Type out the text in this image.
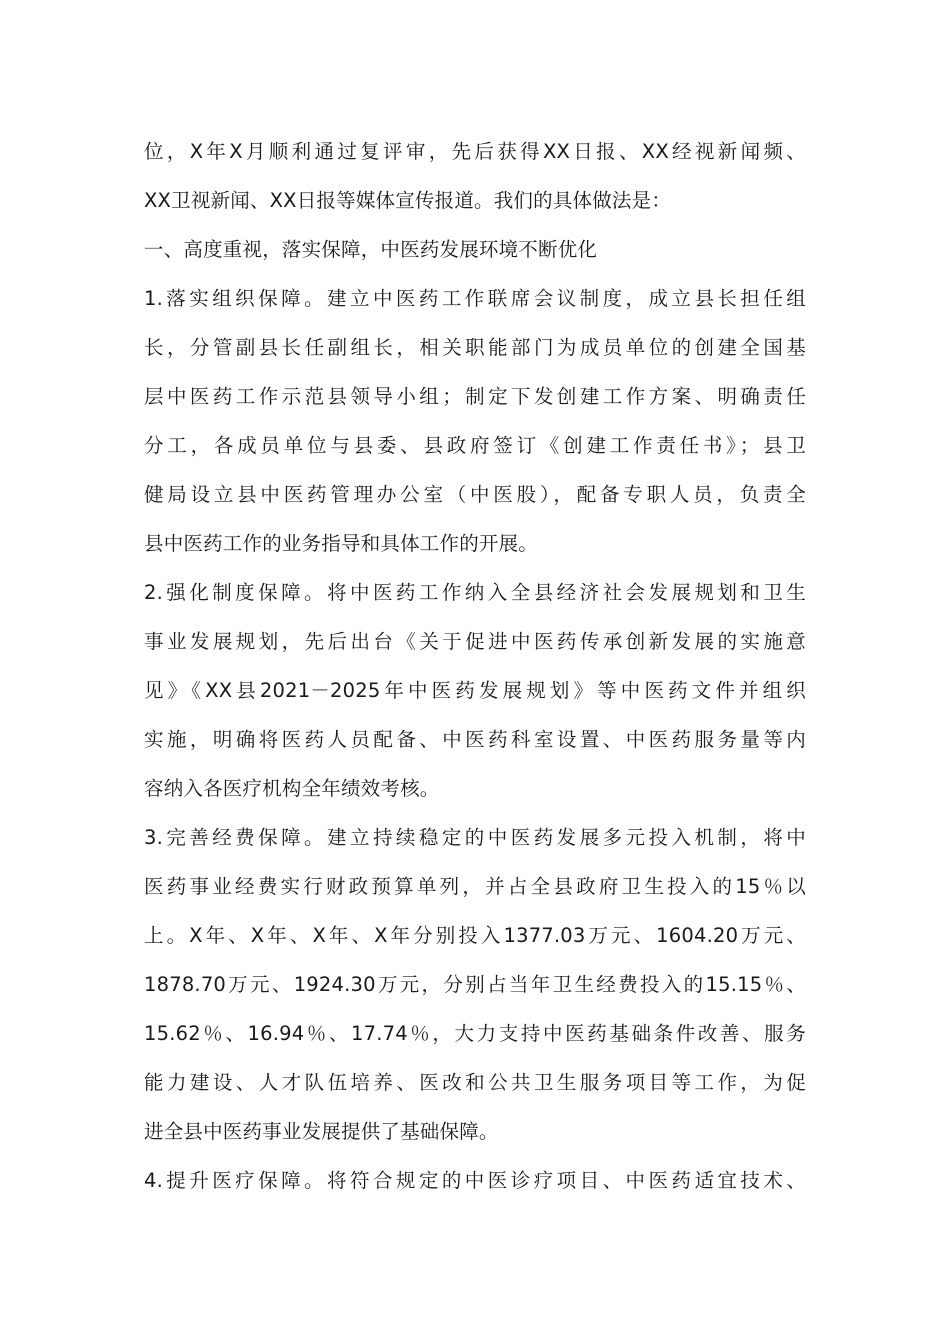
位，X年X月顺利通过复评审，先后获得XX日报、XX经视新闻频、
XX卫视新闻、XX日报等媒体宣传报道。我们的具体做法是：
一、高度重视，落实保障，中医药发展环境不断优化
1.落实组织保障。建立中医药工作联席会议制度，成立县长担任组
长，分管副县长任副组长，相关职能部门为成员单位的创建全国基
层中医药工作示范县领导小组；制定下发创建工作方案、明确责任
分工，各成员单位与县委、县政府签订《创建工作责任书》；县卫
健局设立县中医药管理办公室（中医股），配备专职人员，负责全
县中医药工作的业务指导和具体工作的开展。
2.强化制度保障。将中医药工作纳入全县经济社会发展规划和卫生
事业发展规划，先后出台《关于促进中医药传承创新发展的实施意
见》《XX县2021－2025年中医药发展规划》等中医药文件并组织
实施，明确将医药人员配备、中医药科室设置、中医药服务量等内
容纳入各医疗机构全年绩效考核。
3.完善经费保障。建立持续稳定的中医药发展多元投入机制，将中
医药事业经费实行财政预算单列，并占全县政府卫生投入的15％以
上。X年、X年、X年、X年分别投入1377.03万元、1604.20万元、
1878.70万元、1924.30万元，分别占当年卫生经费投入的15.15％、
15.62％、16.94％、17.74％，大力支持中医药基础条件改善、服务
能力建设、人才队伍培养、医改和公共卫生服务项目等工作，为促
进全县中医药事业发展提供了基础保障。
4.提升医疗保障。将符合规定的中医诊疗项目、中医药适宜技术、
